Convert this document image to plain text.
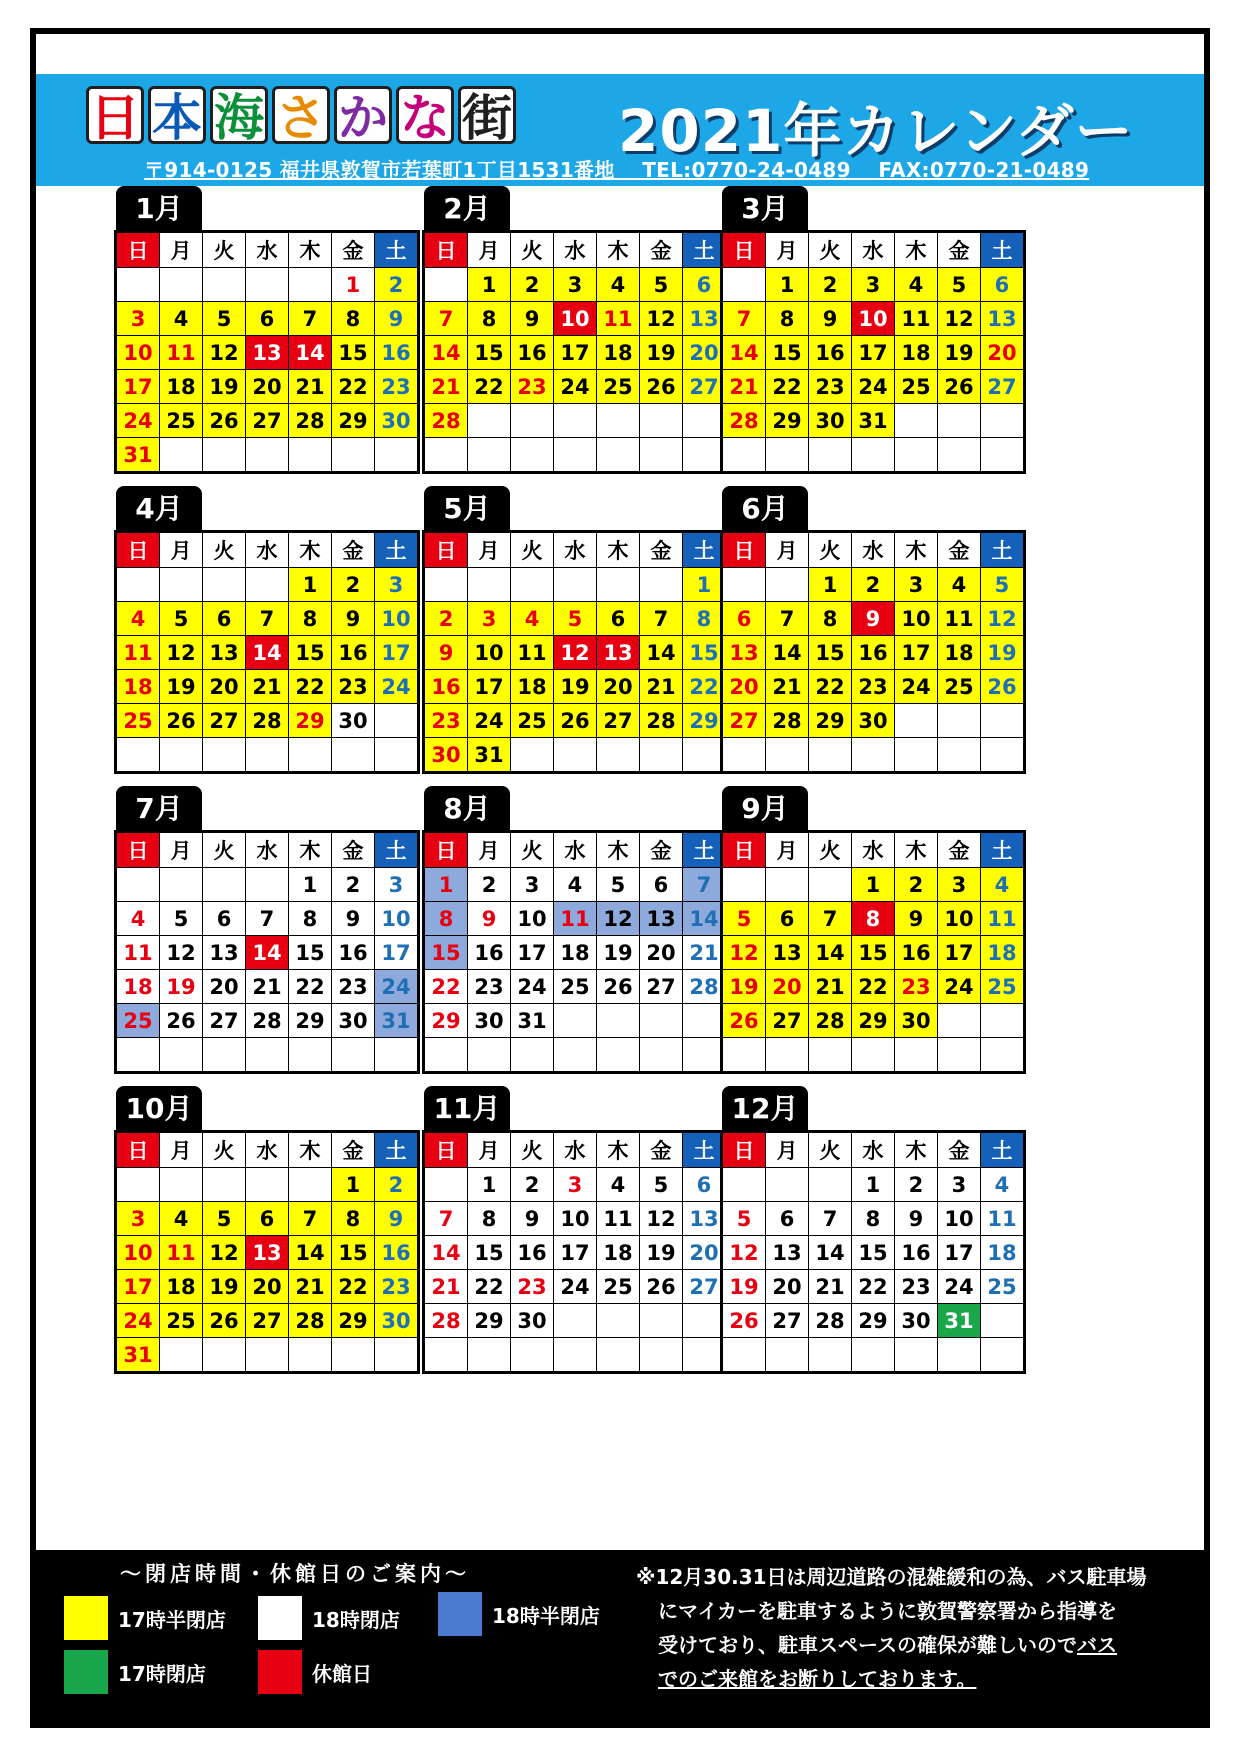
日 本 海 さ か な 街 2021年カレンダー
〒914-0125 福井県敦賀市若葉町1丁目1531番地　 TEL:0770-24-0489　 FAX:0770-21-0489
1月
日	月	火	水	木	金	土
					1	2
3	4	5	6	7	8	9
10	11	12	13	14	15	16
17	18	19	20	21	22	23
24	25	26	27	28	29	30
31						
2月
日	月	火	水	木	金	土
	1	2	3	4	5	6
7	8	9	10	11	12	13
14	15	16	17	18	19	20
21	22	23	24	25	26	27
28						

3月
日	月	火	水	木	金	土
	1	2	3	4	5	6
7	8	9	10	11	12	13
14	15	16	17	18	19	20
21	22	23	24	25	26	27
28	29	30	31			

4月
日	月	火	水	木	金	土
				1	2	3
4	5	6	7	8	9	10
11	12	13	14	15	16	17
18	19	20	21	22	23	24
25	26	27	28	29	30	

5月
日	月	火	水	木	金	土
						1
2	3	4	5	6	7	8
9	10	11	12	13	14	15
16	17	18	19	20	21	22
23	24	25	26	27	28	29
30	31					
6月
日	月	火	水	木	金	土
		1	2	3	4	5
6	7	8	9	10	11	12
13	14	15	16	17	18	19
20	21	22	23	24	25	26
27	28	29	30			

7月
日	月	火	水	木	金	土
				1	2	3
4	5	6	7	8	9	10
11	12	13	14	15	16	17
18	19	20	21	22	23	24
25	26	27	28	29	30	31

8月
日	月	火	水	木	金	土
1	2	3	4	5	6	7
8	9	10	11	12	13	14
15	16	17	18	19	20	21
22	23	24	25	26	27	28
29	30	31				

9月
日	月	火	水	木	金	土
			1	2	3	4
5	6	7	8	9	10	11
12	13	14	15	16	17	18
19	20	21	22	23	24	25
26	27	28	29	30		

10月
日	月	火	水	木	金	土
					1	2
3	4	5	6	7	8	9
10	11	12	13	14	15	16
17	18	19	20	21	22	23
24	25	26	27	28	29	30
31						
11月
日	月	火	水	木	金	土
	1	2	3	4	5	6
7	8	9	10	11	12	13
14	15	16	17	18	19	20
21	22	23	24	25	26	27
28	29	30				

12月
日	月	火	水	木	金	土
			1	2	3	4
5	6	7	8	9	10	11
12	13	14	15	16	17	18
19	20	21	22	23	24	25
26	27	28	29	30	31	

～閉店時間・休館日のご案内～
17時半閉店	18時閉店	18時半閉店
17時閉店	休館日
※12月30.31日は周辺道路の混雑緩和の為、バス駐車場
にマイカーを駐車するように敦賀警察署から指導を
受けており、駐車スペースの確保が難しいのでバス
でのご来館をお断りしております。
